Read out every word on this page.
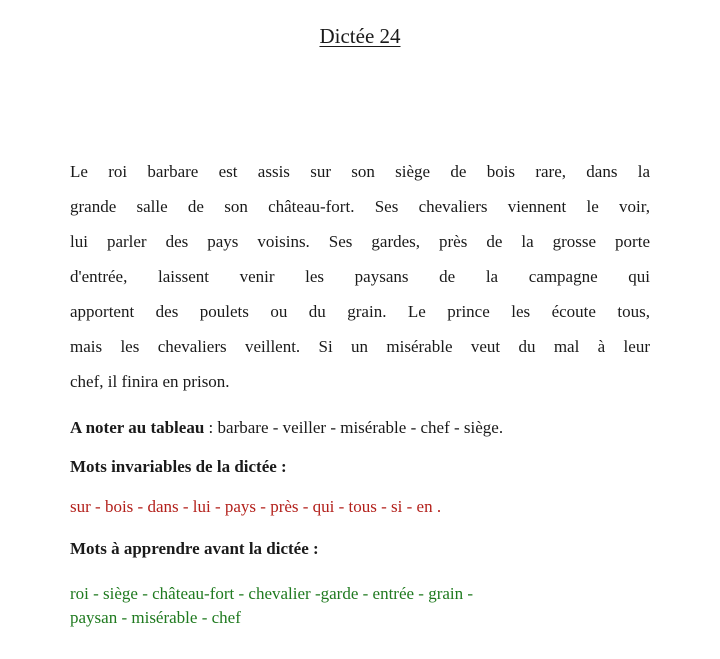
Dictée 24
Le roi barbare est assis sur son siège de bois rare, dans la
grande salle de son château-fort. Ses chevaliers viennent le voir,
lui parler des pays voisins. Ses gardes, près de la grosse porte
d'entrée, laissent venir les paysans de la campagne qui
apportent des poulets ou du grain. Le prince les écoute tous,
mais les chevaliers veillent. Si un misérable veut du mal à leur
chef, il finira en prison.
A noter au tableau : barbare - veiller - misérable - chef - siège.
Mots invariables de la dictée :
sur - bois - dans - lui - pays - près - qui - tous - si - en .
Mots à apprendre avant la dictée :
roi - siège - château-fort - chevalier -garde - entrée - grain -
paysan - misérable - chef
